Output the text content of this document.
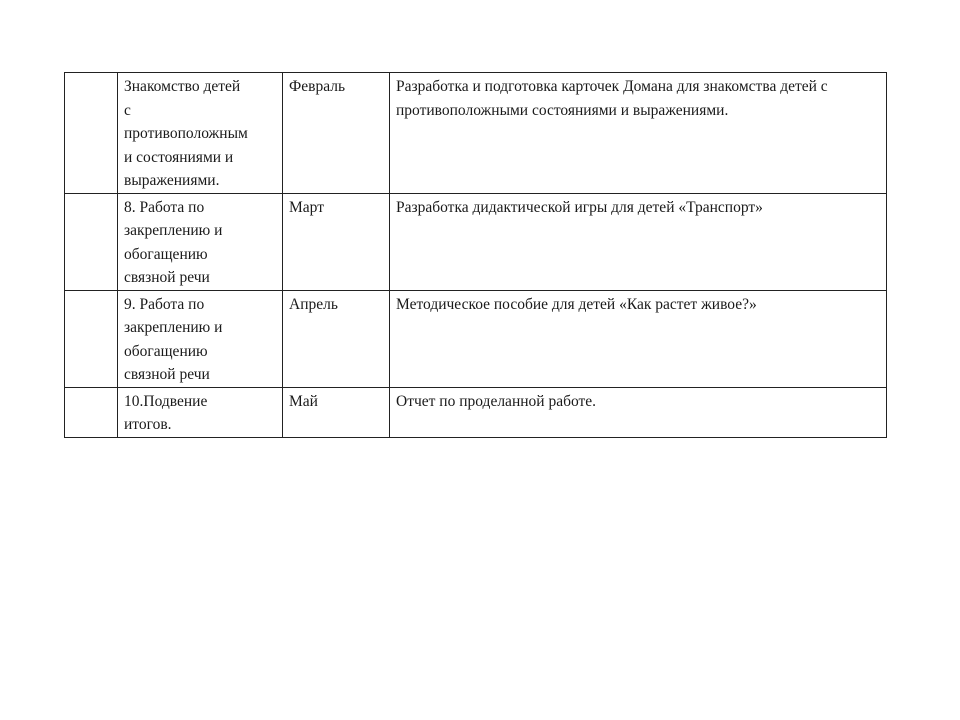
	Знакомство детей
с
противоположным
и состояниями и
выражениями.	Февраль	Разработка и подготовка карточек Домана для знакомства детей с противоположными состояниями и выражениями.
	8. Работа по
закреплению и
обогащению
связной речи	Март	Разработка дидактической игры для детей «Транспорт»
	9. Работа по
закреплению и
обогащению
связной речи	Апрель	Методическое пособие для детей «Как растет живое?»
	10.Подвение
итогов.	Май	Отчет по проделанной работе.
